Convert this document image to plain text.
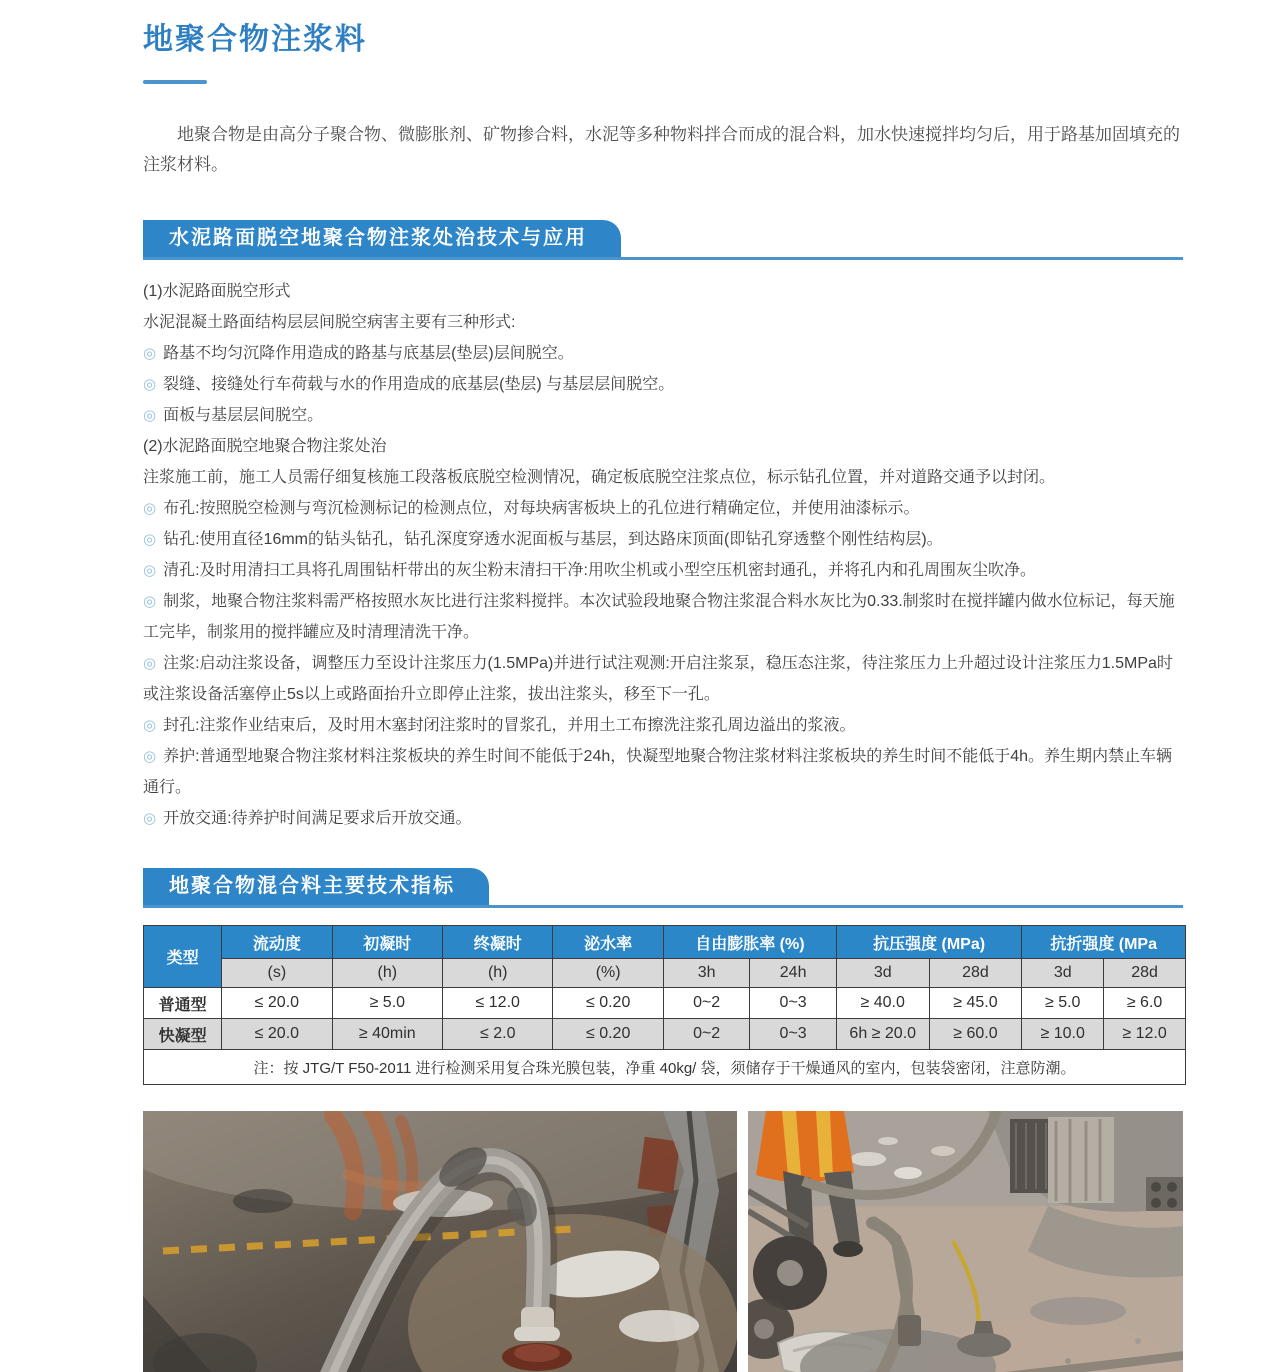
地聚合物注浆料

地聚合物是由高分子聚合物、微膨胀剂、矿物掺合料，水泥等多种物料拌合而成的混合料，加水快速搅拌均匀后，用于路基加固填充的注浆材料。

水泥路面脱空地聚合物注浆处治技术与应用

(1)水泥路面脱空形式

水泥混凝土路面结构层层间脱空病害主要有三种形式:

◎ 路基不均匀沉降作用造成的路基与底基层(垫层)层间脱空。

◎ 裂缝、接缝处行车荷载与水的作用造成的底基层(垫层) 与基层层间脱空。

◎ 面板与基层层间脱空。

(2)水泥路面脱空地聚合物注浆处治

注浆施工前，施工人员需仔细复核施工段落板底脱空检测情况，确定板底脱空注浆点位，标示钻孔位置，并对道路交通予以封闭。

◎ 布孔:按照脱空检测与弯沉检测标记的检测点位，对每块病害板块上的孔位进行精确定位，并使用油漆标示。

◎ 钻孔:使用直径16mm的钻头钻孔，钻孔深度穿透水泥面板与基层，到达路床顶面(即钻孔穿透整个刚性结构层)。

◎ 清孔:及时用清扫工具将孔周围钻杆带出的灰尘粉末清扫干净:用吹尘机或小型空压机密封通孔，并将孔内和孔周围灰尘吹净。

◎ 制浆，地聚合物注浆料需严格按照水灰比进行注浆料搅拌。本次试验段地聚合物注浆混合料水灰比为0.33.制浆时在搅拌罐内做水位标记，每天施工完毕，制浆用的搅拌罐应及时清理清洗干净。

◎ 注浆:启动注浆设备，调整压力至设计注浆压力(1.5MPa)并进行试注观测:开启注浆泵，稳压态注浆，待注浆压力上升超过设计注浆压力1.5MPa时或注浆设备活塞停止5s以上或路面抬升立即停止注浆，拔出注浆头，移至下一孔。

◎ 封孔:注浆作业结束后，及时用木塞封闭注浆时的冒浆孔，并用土工布擦洗注浆孔周边溢出的浆液。

◎ 养护:普通型地聚合物注浆材料注浆板块的养生时间不能低于24h，快凝型地聚合物注浆材料注浆板块的养生时间不能低于4h。养生期内禁止车辆通行。

◎ 开放交通:待养护时间满足要求后开放交通。

地聚合物混合料主要技术指标
类型	流动度	初凝时	终凝时	泌水率	自由膨胀率 (%)		抗压强度 (MPa)		抗折强度 (MPa	
	(s)	(h)	(h)	(%)	3h	24h	3d	28d	3d	28d
普通型	≤ 20.0	≥ 5.0	≤ 12.0	≤ 0.20	0~2	0~3	≥ 40.0	≥ 45.0	≥ 5.0	≥ 6.0
快凝型	≤ 20.0	≥ 40min	≤ 2.0	≤ 0.20	0~2	0~3	6h ≥ 20.0	≥ 60.0	≥ 10.0	≥ 12.0
注：按 JTG/T F50-2011 进行检测采用复合珠光膜包装，净重 40kg/ 袋，须储存于干燥通风的室内，包装袋密闭，注意防潮。										
